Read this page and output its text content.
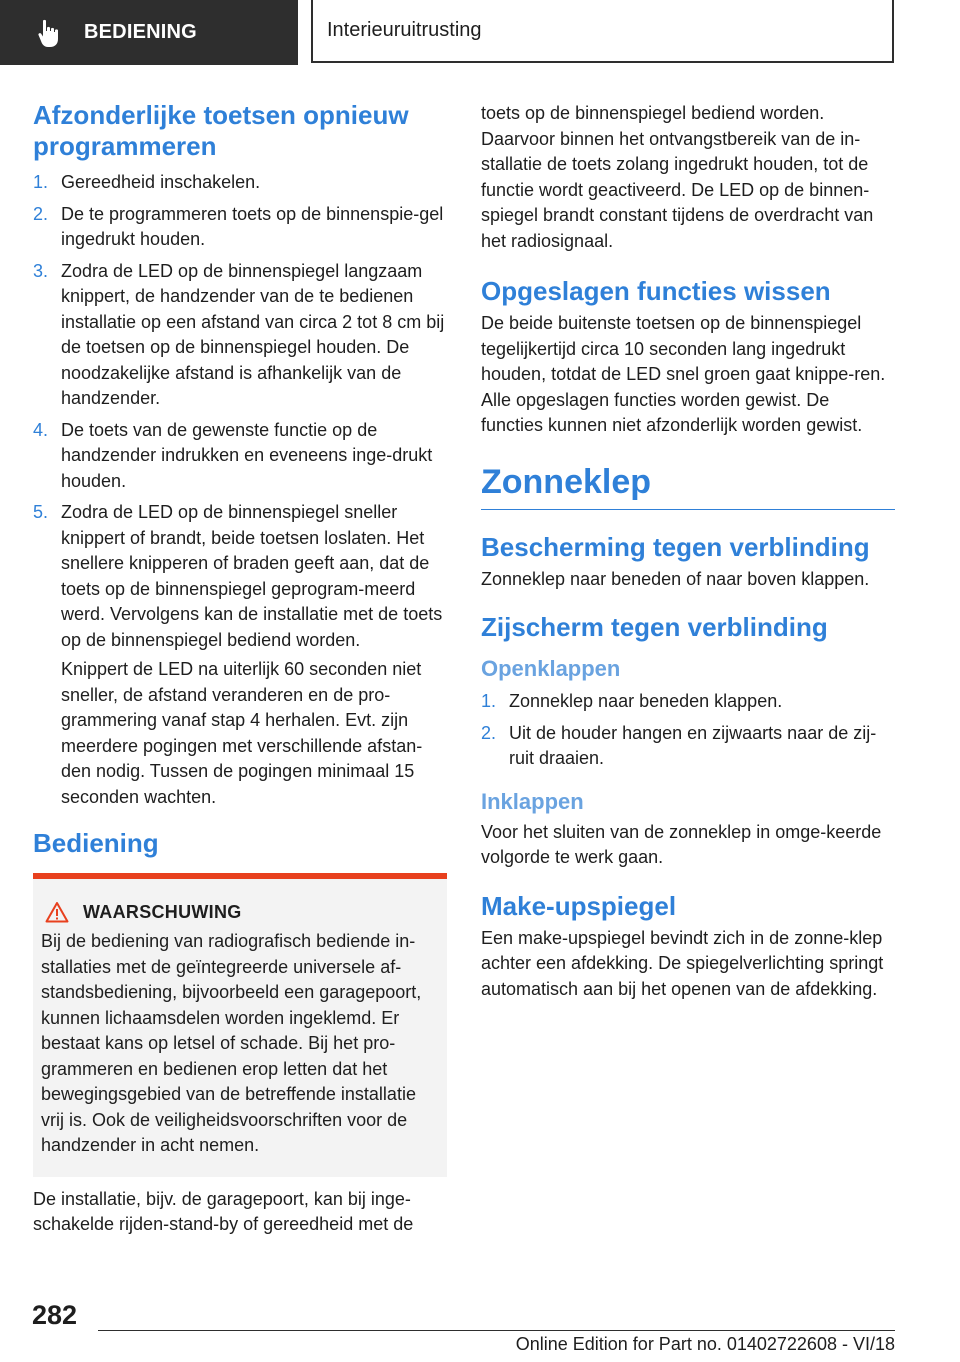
BEDIENING	Interieuruitrusting
Afzonderlijke toetsen opnieuw programmeren
1. Gereedheid inschakelen.
2. De te programmeren toets op de binnenspie-gel ingedrukt houden.
3. Zodra de LED op de binnenspiegel langzaam knippert, de handzender van de te bedienen installatie op een afstand van circa 2 tot 8 cm bij de toetsen op de binnenspiegel houden. De noodzakelijke afstand is afhankelijk van de handzender.
4. De toets van de gewenste functie op de handzender indrukken en eveneens inge-drukt houden.
5. Zodra de LED op de binnenspiegel sneller knippert of brandt, beide toetsen loslaten. Het snellere knipperen of braden geeft aan, dat de toets op de binnenspiegel geprogram-meerd werd. Vervolgens kan de installatie met de toets op de binnenspiegel bediend worden.

Knippert de LED na uiterlijk 60 seconden niet sneller, de afstand veranderen en de pro-grammering vanaf stap 4 herhalen. Evt. zijn meerdere pogingen met verschillende afstan-den nodig. Tussen de pogingen minimaal 15 seconden wachten.

Bediening
WAARSCHUWING

Bij de bediening van radiografisch bediende in-stallaties met de geïntegreerde universele af-standsbediening, bijvoorbeeld een garagepoort, kunnen lichaamsdelen worden ingeklemd. Er bestaat kans op letsel of schade. Bij het pro-grammeren en bedienen erop letten dat het bewegingsgebied van de betreffende installatie vrij is. Ook de veiligheidsvoorschriften voor de handzender in acht nemen.

De installatie, bijv. de garagepoort, kan bij inge-schakelde rijden-stand-by of gereedheid met de

toets op de binnenspiegel bediend worden. Daarvoor binnen het ontvangstbereik van de in-stallatie de toets zolang ingedrukt houden, tot de functie wordt geactiveerd. De LED op de binnen-spiegel brandt constant tijdens de overdracht van het radiosignaal.

Opgeslagen functies wissen

De beide buitenste toetsen op de binnenspiegel tegelijkertijd circa 10 seconden lang ingedrukt houden, totdat de LED snel groen gaat knippe-ren. Alle opgeslagen functies worden gewist. De functies kunnen niet afzonderlijk worden gewist.

Zonneklep
Bescherming tegen verblinding

Zonneklep naar beneden of naar boven klappen.

Zijscherm tegen verblinding
Openklappen
1. Zonneklep naar beneden klappen.
2. Uit de houder hangen en zijwaarts naar de zij-ruit draaien.
Inklappen

Voor het sluiten van de zonneklep in omge-keerde volgorde te werk gaan.

Make-upspiegel

Een make-upspiegel bevindt zich in de zonne-klep achter een afdekking. De spiegelverlichting springt automatisch aan bij het openen van de afdekking.

282
Online Edition for Part no. 01402722608 - VI/18
